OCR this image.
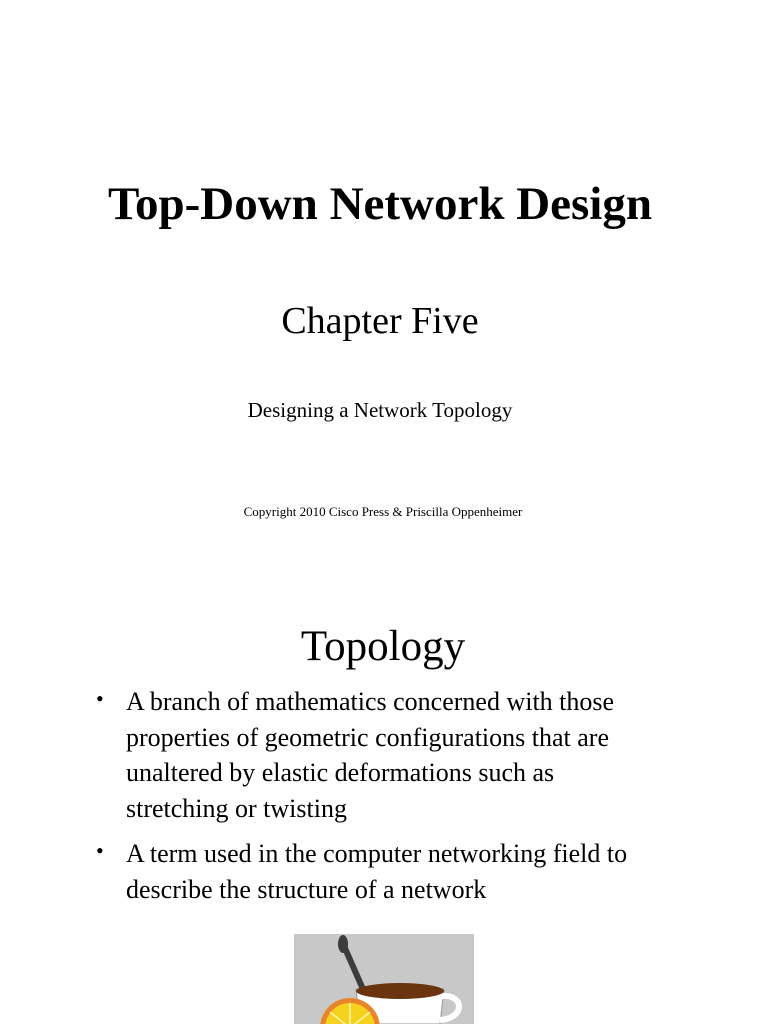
Top-Down Network Design
Chapter Five
Designing a Network Topology
Copyright 2010 Cisco Press & Priscilla Oppenheimer
Topology
• A branch of mathematics concerned with those
properties of geometric configurations that are
unaltered by elastic deformations such as
stretching or twisting
• A term used in the computer networking field to
describe the structure of a network
